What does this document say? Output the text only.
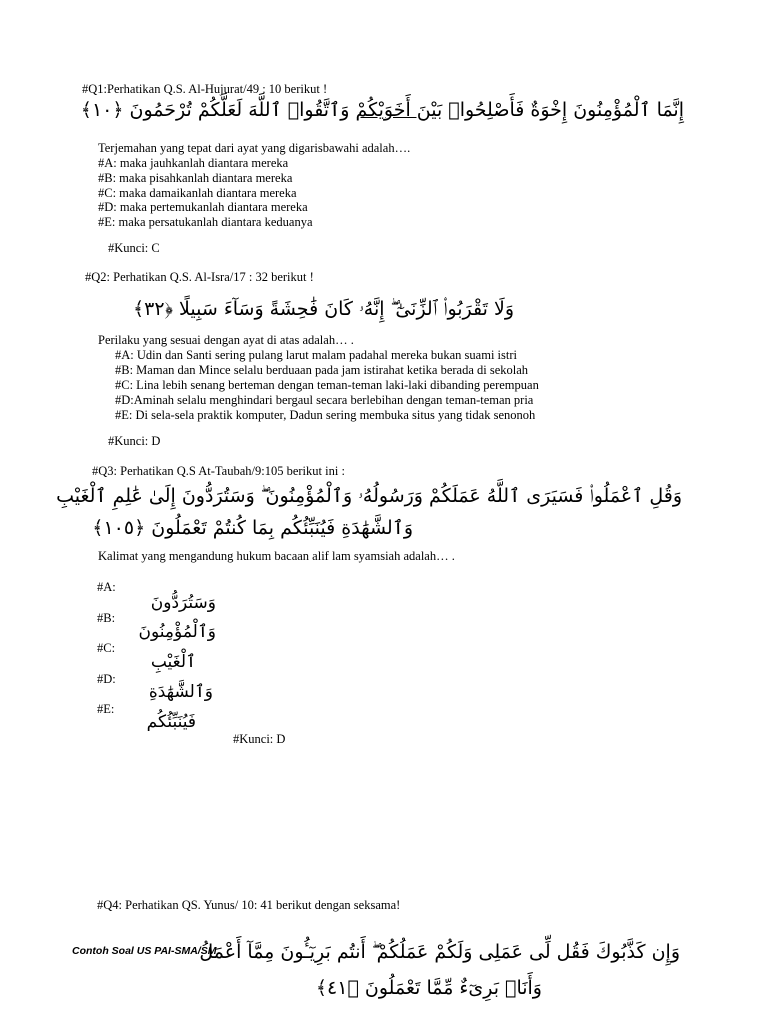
#Q1:Perhatikan Q.S. Al-Hujurat/49 : 10 berikut !
إِنَّمَا ٱلْمُؤْمِنُونَ إِخْوَةٌ فَأَصْلِحُوا۟ بَيْنَ أَخَوَيْكُمْ وَٱتَّقُوا۟ ٱللَّهَ لَعَلَّكُمْ تُرْحَمُونَ ﴿١٠﴾
Terjemahan yang tepat dari ayat yang digarisbawahi adalah….
#A: maka jauhkanlah diantara mereka
#B: maka pisahkanlah diantara mereka
#C: maka damaikanlah diantara mereka
#D: maka pertemukanlah diantara mereka
#E: maka persatukanlah diantara keduanya
#Kunci: C
#Q2: Perhatikan Q.S. Al-Isra/17 : 32 berikut !
وَلَا تَقْرَبُوا۟ ٱلزِّنَىٰٓ ۖ إِنَّهُۥ كَانَ فَٰحِشَةً وَسَآءَ سَبِيلًا ﴿٣٢﴾
Perilaku yang sesuai dengan ayat di atas adalah… .
#A: Udin dan Santi sering pulang larut malam padahal mereka bukan suami istri
#B: Maman dan Mince selalu berduaan pada jam istirahat ketika berada di sekolah
#C: Lina lebih senang berteman dengan teman-teman laki-laki dibanding perempuan
#D:Aminah selalu menghindari bergaul secara berlebihan dengan teman-teman pria
#E: Di sela-sela praktik komputer, Dadun sering membuka situs yang tidak senonoh
#Kunci: D
#Q3: Perhatikan Q.S At-Taubah/9:105 berikut ini :
وَقُلِ ٱعْمَلُوا۟ فَسَيَرَى ٱللَّهُ عَمَلَكُمْ وَرَسُولُهُۥ وَٱلْمُؤْمِنُونَ ۖ وَسَتُرَدُّونَ إِلَىٰ عَٰلِمِ ٱلْغَيْبِ
وَٱلشَّهَٰدَةِ فَيُنَبِّئُكُم بِمَا كُنتُمْ تَعْمَلُونَ ﴿١٠٥﴾
Kalimat yang mengandung hukum bacaan alif lam syamsiah adalah… .
#A:
وَسَتُرَدُّونَ
#B:
وَٱلْمُؤْمِنُونَ
#C:
ٱلْغَيْبِ
#D:
وَٱلشَّهَٰدَةِ
#E:
فَيُنَبِّئُكُم
#Kunci: D
#Q4: Perhatikan QS. Yunus/ 10: 41 berikut dengan seksama!
Contoh Soal US PAI-SMA/SM
وَإِن كَذَّبُوكَ فَقُل لِّى عَمَلِى وَلَكُمْ عَمَلُكُمْ ۖ أَنتُم بَرِيٓـُٔونَ مِمَّآ أَعْمَلُ
وَأَنَا۠ بَرِىٓءٌ مِّمَّا تَعْمَلُونَ ﴿٤١﴾
